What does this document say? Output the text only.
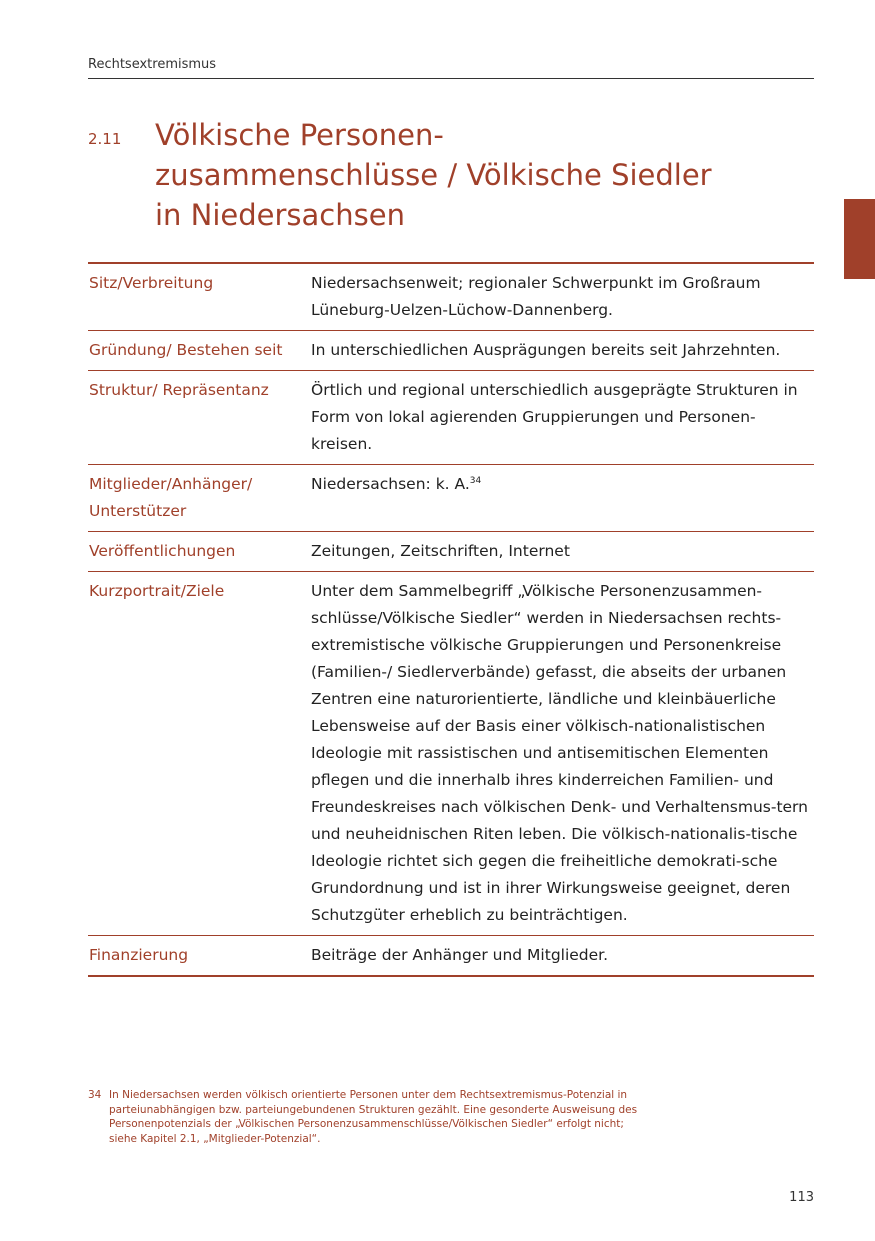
Rechtsextremismus
2.11 Völkische Personen-zusammenschlüsse / Völkische Siedler in Niedersachsen
Sitz/Verbreitung	Niedersachsenweit; regionaler Schwerpunkt im Großraum Lüneburg-Uelzen-Lüchow-Dannenberg.
Gründung/ Bestehen seit	In unterschiedlichen Ausprägungen bereits seit Jahrzehnten.
Struktur/ Repräsentanz	Örtlich und regional unterschiedlich ausgeprägte Strukturen in Form von lokal agierenden Gruppierungen und Personen-kreisen.
Mitglieder/Anhänger/ Unterstützer	Niedersachsen: k. A.$^{34}$
Veröffentlichungen	Zeitungen, Zeitschriften, Internet
Kurzportrait/Ziele	Unter dem Sammelbegriff „Völkische Personenzusammen-schlüsse/Völkische Siedler“ werden in Niedersachsen rechts-extremistische völkische Gruppierungen und Personenkreise (Familien-/ Siedlerverbände) gefasst, die abseits der urbanen Zentren eine naturorientierte, ländliche und kleinbäuerliche Lebensweise auf der Basis einer völkisch-nationalistischen Ideologie mit rassistischen und antisemitischen Elementen pflegen und die innerhalb ihres kinderreichen Familien- und Freundeskreises nach völkischen Denk- und Verhaltensmus-tern und neuheidnischen Riten leben. Die völkisch-nationalis-tische Ideologie richtet sich gegen die freiheitliche demokrati-sche Grundordnung und ist in ihrer Wirkungsweise geeignet, deren Schutzgüter erheblich zu beinträchtigen.
Finanzierung	Beiträge der Anhänger und Mitglieder.
34 In Niedersachsen werden völkisch orientierte Personen unter dem Rechtsextremismus-Potenzial in parteiunabhängigen bzw. parteiungebundenen Strukturen gezählt. Eine gesonderte Ausweisung des Personenpotenzials der „Völkischen Personenzusammenschlüsse/Völkischen Siedler“ erfolgt nicht; siehe Kapitel 2.1, „Mitglieder-Potenzial“.
113
